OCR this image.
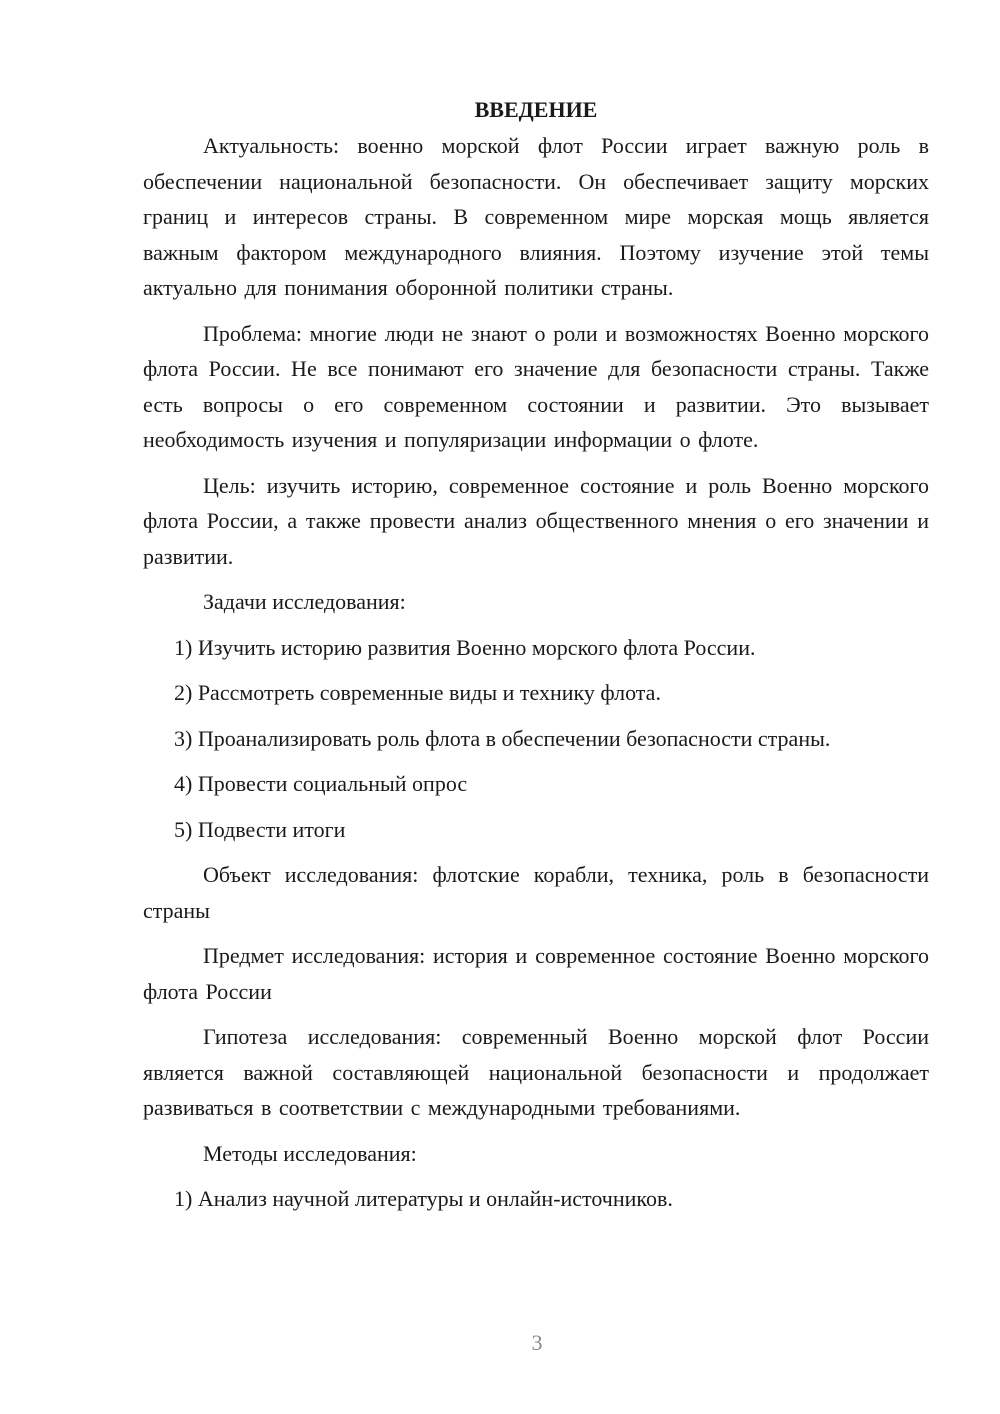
ВВЕДЕНИЕ

Актуальность: военно морской флот России играет важную роль в обеспечении национальной безопасности. Он обеспечивает защиту морских границ и интересов страны. В современном мире морская мощь является важным фактором международного влияния. Поэтому изучение этой темы актуально для понимания оборонной политики страны.

Проблема: многие люди не знают о роли и возможностях Военно морского флота России. Не все понимают его значение для безопасности страны. Также есть вопросы о его современном состоянии и развитии. Это вызывает необходимость изучения и популяризации информации о флоте.

Цель: изучить историю, современное состояние и роль Военно морского флота России, а также провести анализ общественного мнения о его значении и развитии.

Задачи исследования:

1) Изучить историю развития Военно морского флота России.

2) Рассмотреть современные виды и технику флота.

3) Проанализировать роль флота в обеспечении безопасности страны.

4) Провести социальный опрос

5) Подвести итоги

Объект исследования: флотские корабли, техника, роль в безопасности страны

Предмет исследования: история и современное состояние Военно морского флота России

Гипотеза исследования: современный Военно морской флот России является важной составляющей национальной безопасности и продолжает развиваться в соответствии с международными требованиями.

Методы исследования:

1) Анализ научной литературы и онлайн-источников.

3
